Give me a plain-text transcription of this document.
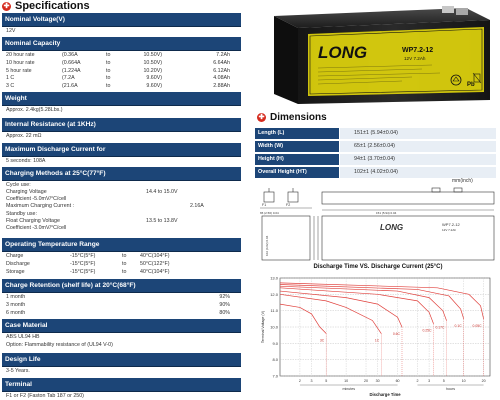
✚ Specifications
Nominal Voltage(V)
12V
Nominal Capacity
20 hour rate	(0.36A	to	10.50V)	7.2Ah
10 hour rate	(0.664A	to	10.50V)	6.64Ah
5 hour rate	(1.224A	to	10.20V)	6.12Ah
1 C	(7.2A	to	9.60V)	4.08Ah
3 C	(21.6A	to	9.60V)	2.88Ah
Weight
Approx. 2.4kg(5.28Lbs.)
Internal Resistance (at 1KHz)
Approx. 22 mΩ
Maximum Discharge Current for
5 seconds: 108A
Charging Methods at 25°C(77°F)
Cycle use:
Charging Voltage	14.4 to 15.0V
Coefficient -5.0mV/°C/cell
Maximum Charging Current :	2.16A
Standby use:
Float Charging Voltage	13.5 to 13.8V
Coefficient -3.0mV/°C/cell
Operating Temperature Range
Charge	-15°C(5°F)	to	40°C(104°F)
Discharge	-15°C(5°F)	to	50°C(122°F)
Storage	-15°C(5°F)	to	40°C(104°F)
Charge Retention (shelf life) at 20°C(68°F)
1 month	92%
3 month	90%
6 month	80%
Case Material
ABS UL94 HB
Option: Flammability resistance of (UL94 V-0)
Design Life
3-5 Years.
Terminal
F1 or F2 (Faston Tab 187 or 250)
LONG	WP7.2-12
12V 7.2Ah
Pb
✚ Dimensions
Length (L)	151±1 (5.94±0.04)
Width (W)	65±1 (2.56±0.04)
Height (H)	94±1 (3.70±0.04)
Overall Height (HT)	102±1 (4.02±0.04)
mm(inch)
F1	F2
65 (2.56) 0.04	151 (5.94) 0.04
102 (4.02) 0.04
LONG	WP7.2-12
12V 7.2Ah
Discharge Time VS. Discharge Current (25°C)
13.0
12.0
11.0
10.0
9.0
8.0
7.0
2	3	5	10	20 30	60	2	3	5	10	20
minutes	hours
Discharge Time
Terminal Voltage (V)	3C	1C
0.6C
0.25C
0.17C	0.1C	0.05C
